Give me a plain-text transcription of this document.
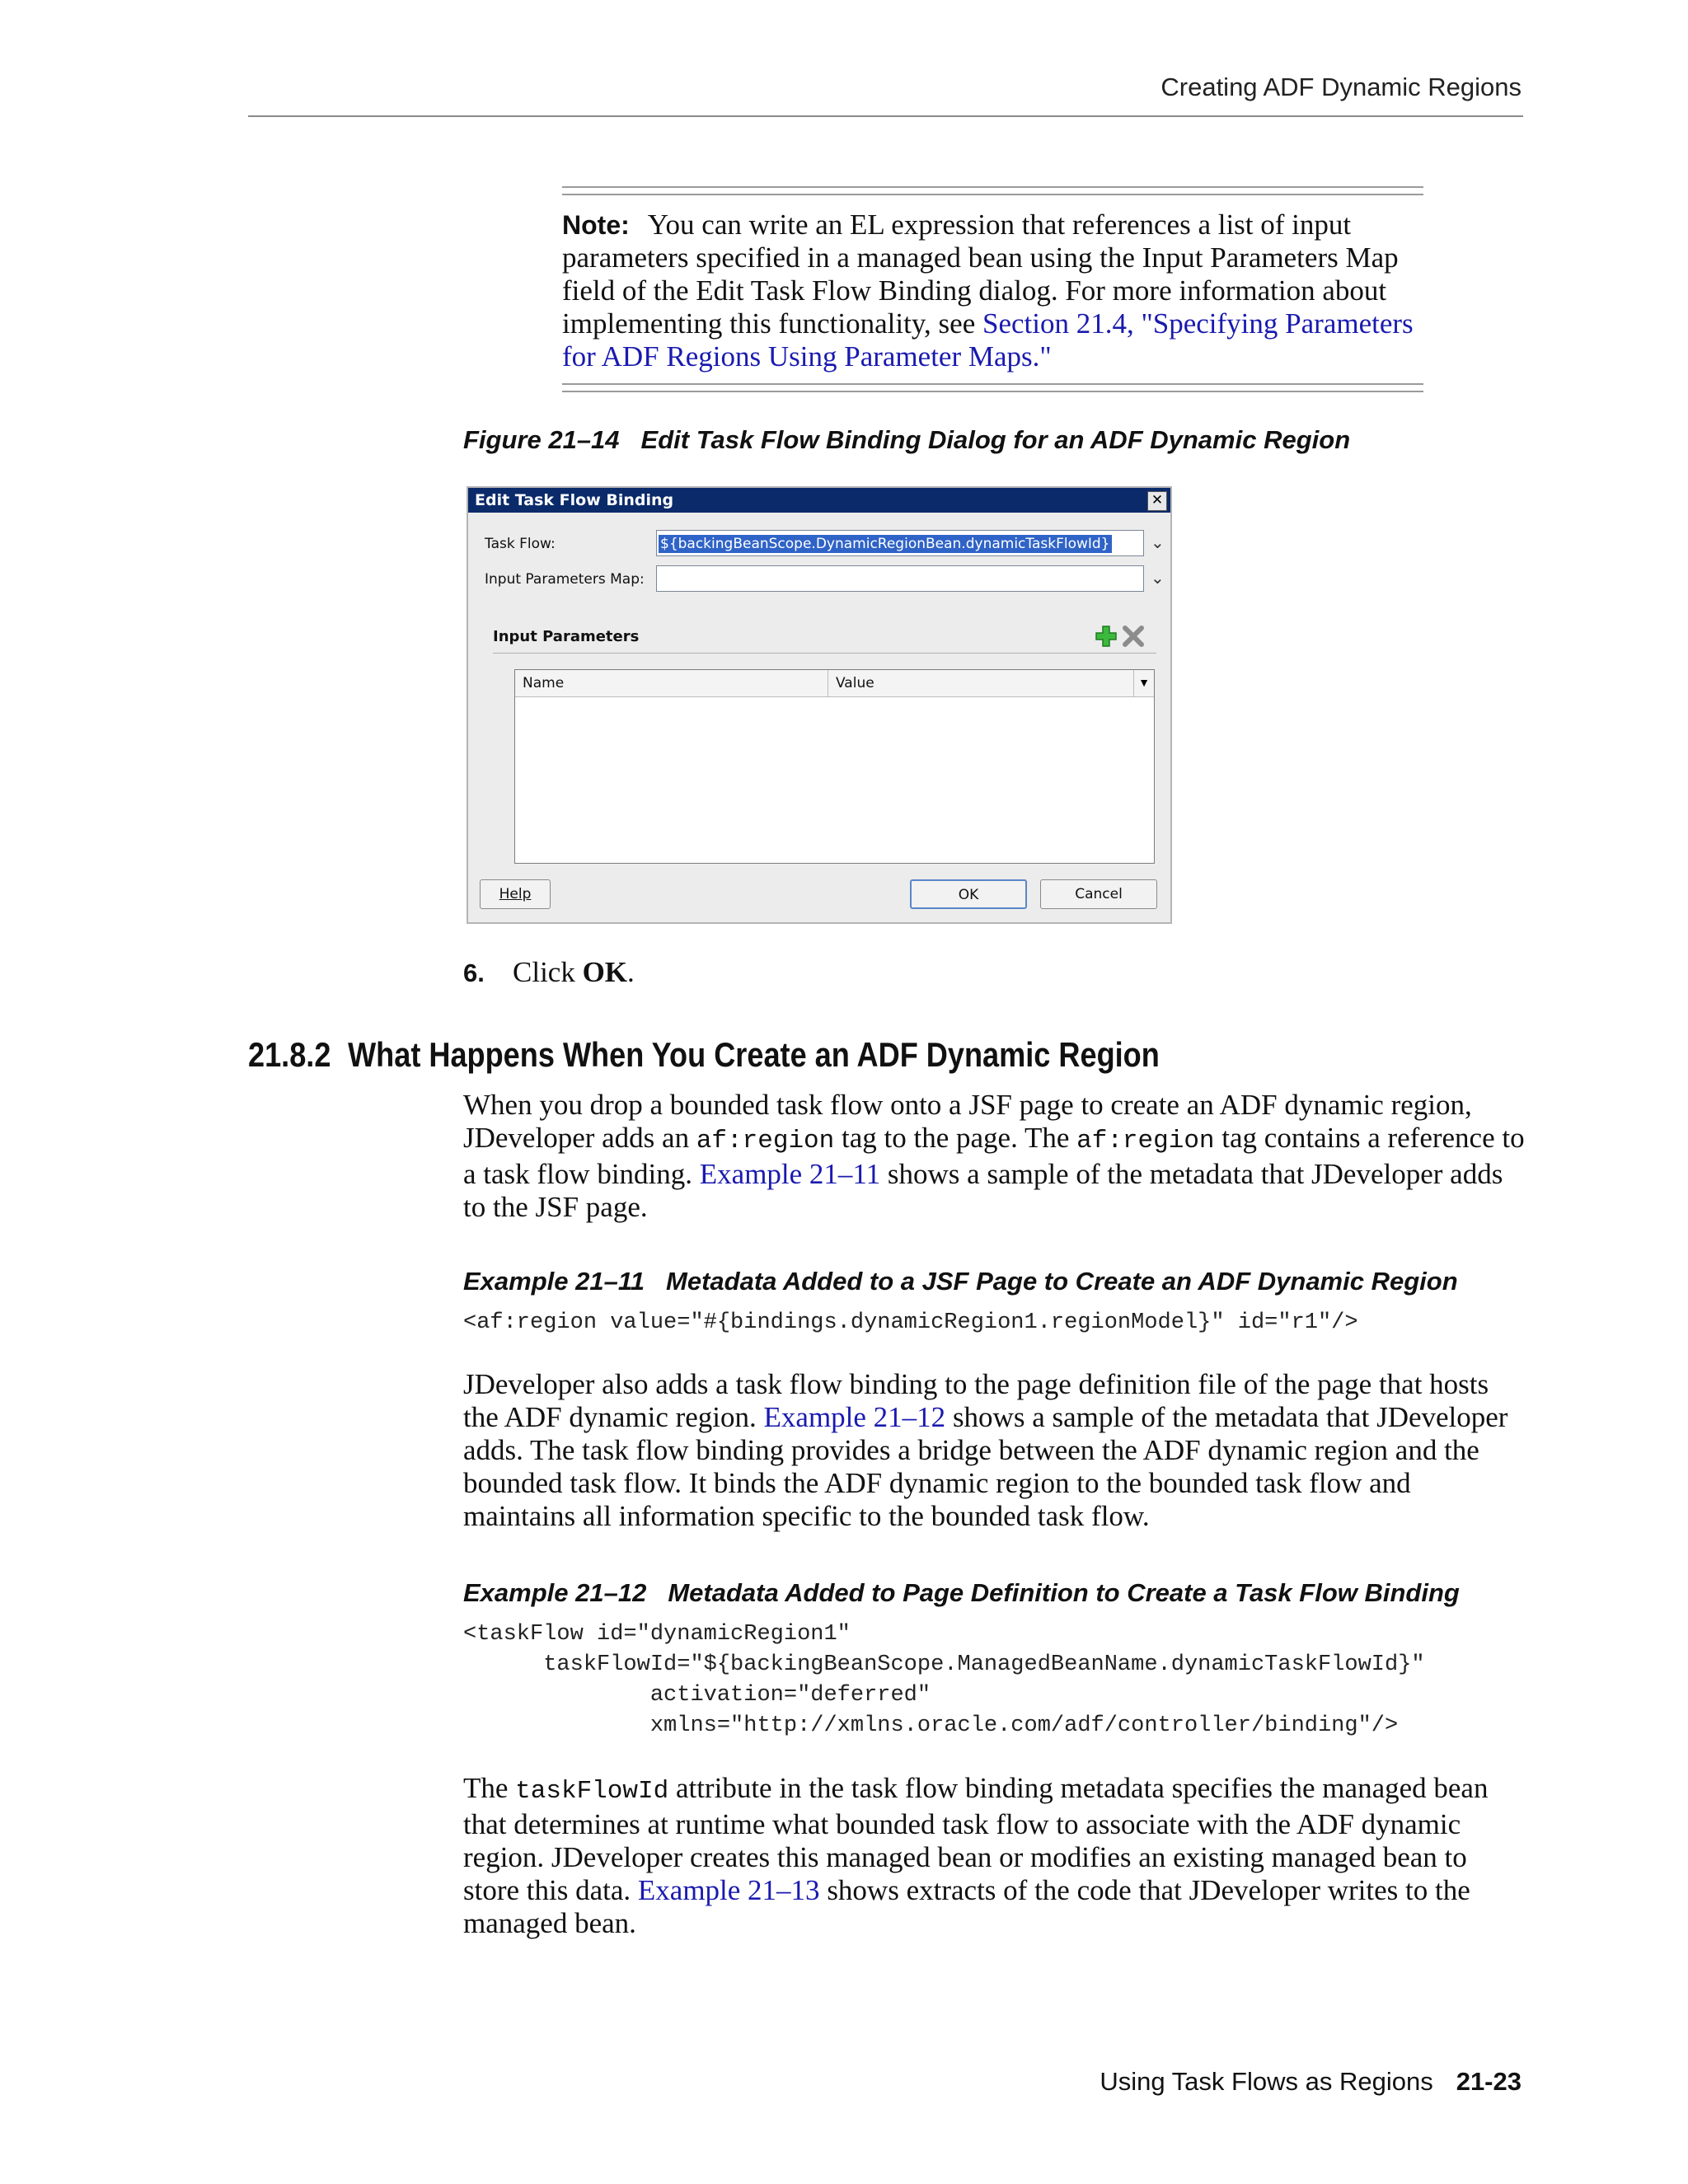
Creating ADF Dynamic Regions
Note: You can write an EL expression that references a list of input parameters specified in a managed bean using the Input Parameters Map field of the Edit Task Flow Binding dialog. For more information about implementing this functionality, see Section 21.4, "Specifying Parameters for ADF Regions Using Parameter Maps."
Figure 21–14 Edit Task Flow Binding Dialog for an ADF Dynamic Region
Edit Task Flow Binding	✕
Task Flow:	${backingBeanScope.DynamicRegionBean.dynamicTaskFlowId}	⌄
Input Parameters Map:	⌄
Input Parameters
Name	Value	▼
Help	OK	Cancel
6. Click OK.
21.8.2 What Happens When You Create an ADF Dynamic Region
When you drop a bounded task flow onto a JSF page to create an ADF dynamic region, JDeveloper adds an af:region tag to the page. The af:region tag contains a reference to a task flow binding. Example 21–11 shows a sample of the metadata that JDeveloper adds to the JSF page.
Example 21–11 Metadata Added to a JSF Page to Create an ADF Dynamic Region
<af:region value="#{bindings.dynamicRegion1.regionModel}" id="r1"/>
JDeveloper also adds a task flow binding to the page definition file of the page that hosts the ADF dynamic region. Example 21–12 shows a sample of the metadata that JDeveloper adds. The task flow binding provides a bridge between the ADF dynamic region and the bounded task flow. It binds the ADF dynamic region to the bounded task flow and maintains all information specific to the bounded task flow.
Example 21–12 Metadata Added to Page Definition to Create a Task Flow Binding
<taskFlow id="dynamicRegion1"
taskFlowId="${backingBeanScope.ManagedBeanName.dynamicTaskFlowId}"
activation="deferred"
xmlns="http://xmlns.oracle.com/adf/controller/binding"/>
The taskFlowId attribute in the task flow binding metadata specifies the managed bean that determines at runtime what bounded task flow to associate with the ADF dynamic region. JDeveloper creates this managed bean or modifies an existing managed bean to store this data. Example 21–13 shows extracts of the code that JDeveloper writes to the managed bean.
Using Task Flows as Regions 21-23
